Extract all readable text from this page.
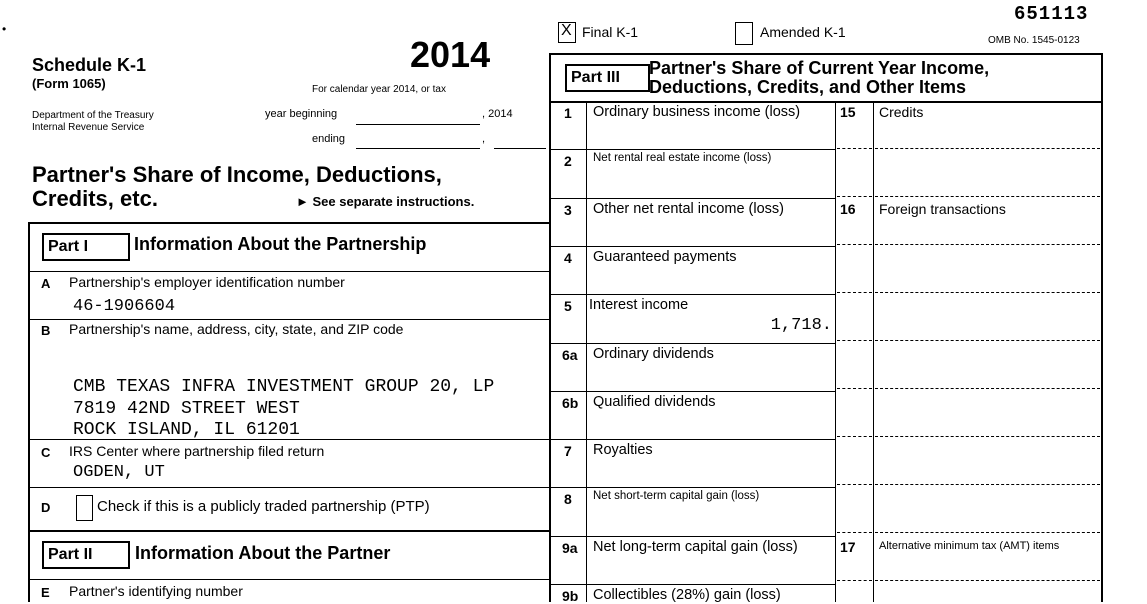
•
Schedule K-1
(Form 1065)
2014
Department of the Treasury
Internal Revenue Service
For calendar year 2014, or tax
year beginning	, 2014
ending	,
Partner's Share of Income, Deductions,
Credits, etc.	► See separate instructions.
X Final K-1	Amended K-1
651113
OMB No. 1545-0123
Part I	Information About the Partnership
A Partnership's employer identification number
46-1906604
B Partnership's name, address, city, state, and ZIP code
CMB TEXAS INFRA INVESTMENT GROUP 20, LP
7819 42ND STREET WEST
ROCK ISLAND, IL 61201
C IRS Center where partnership filed return
OGDEN, UT
D	Check if this is a publicly traded partnership (PTP)
Part II	Information About the Partner
E Partner's identifying number
Part III	Partner's Share of Current Year Income,
Deductions, Credits, and Other Items
1 Ordinary business income (loss)
2 Net rental real estate income (loss)
3 Other net rental income (loss)
4 Guaranteed payments
5 Interest income
1,718.
6a Ordinary dividends
6b Qualified dividends
7 Royalties
8 Net short-term capital gain (loss)
9a Net long-term capital gain (loss)
9b Collectibles (28%) gain (loss)
15 Credits
16 Foreign transactions
17 Alternative minimum tax (AMT) items
